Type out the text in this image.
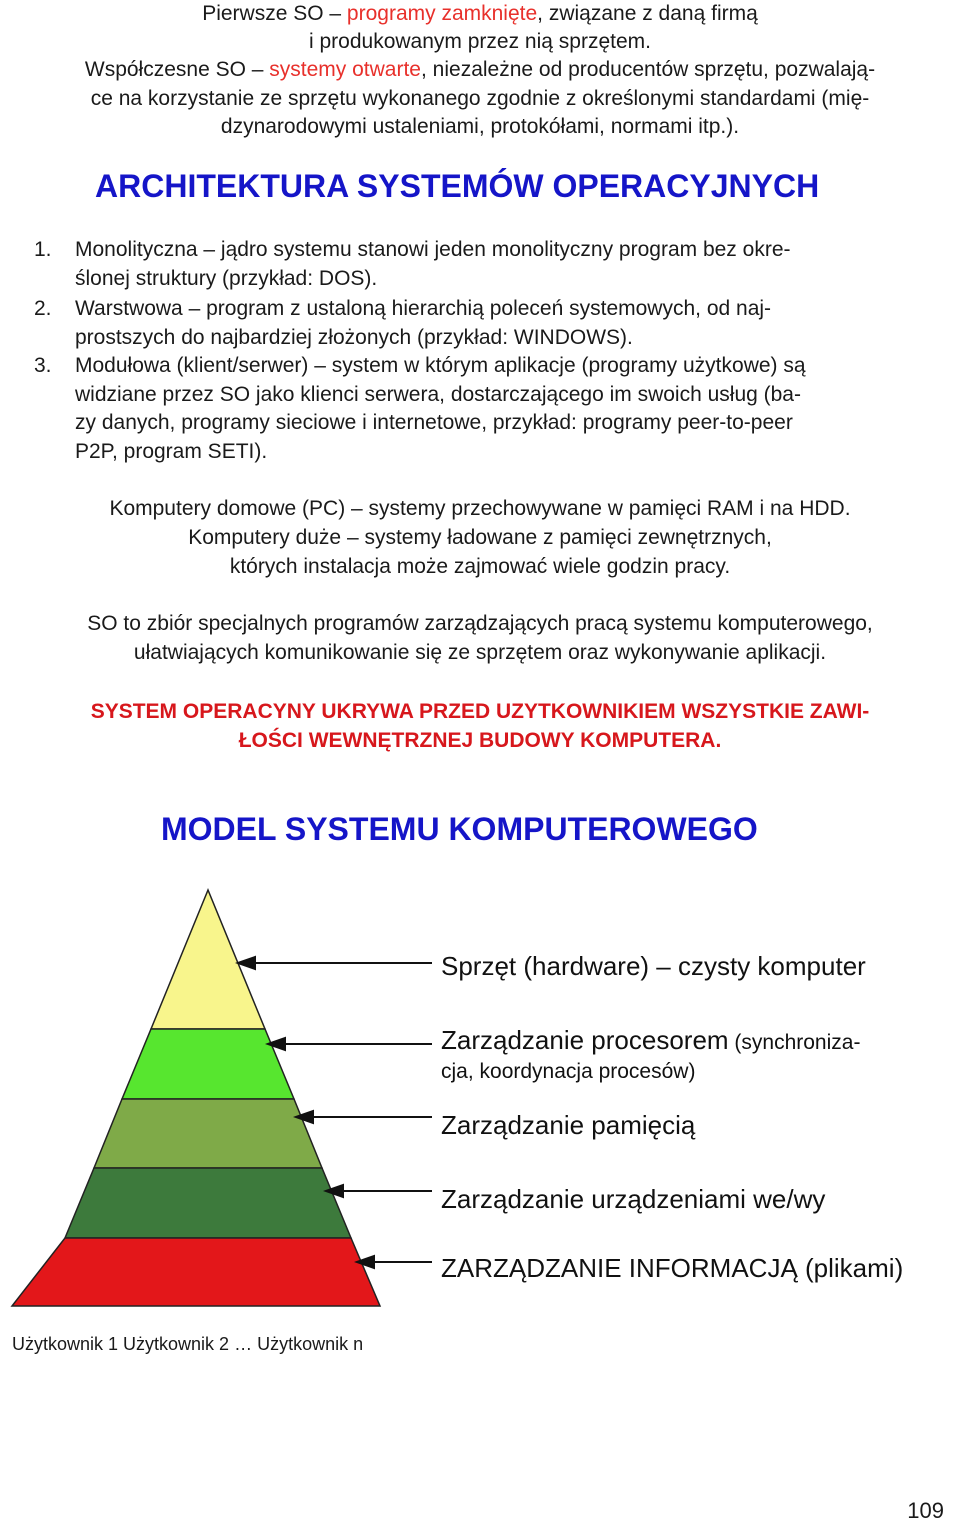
Pierwsze SO – programy zamknięte, związane z daną firmą
i produkowanym przez nią sprzętem.
Współczesne SO – systemy otwarte, niezależne od producentów sprzętu, pozwalają-
ce na korzystanie ze sprzętu wykonanego zgodnie z określonymi standardami (mię-
dzynarodowymi ustaleniami, protokółami, normami itp.).
ARCHITEKTURA SYSTEMÓW OPERACYJNYCH
1. Monolityczna – jądro systemu stanowi jeden monolityczny program bez okre-
ślonej struktury (przykład: DOS).
2. Warstwowa – program z ustaloną hierarchią poleceń systemowych, od naj-
prostszych do najbardziej złożonych (przykład: WINDOWS).
3. Modułowa (klient/serwer) – system w którym aplikacje (programy użytkowe) są
widziane przez SO jako klienci serwera, dostarczającego im swoich usług (ba-
zy danych, programy sieciowe i internetowe, przykład: programy peer-to-peer
P2P, program SETI).
Komputery domowe (PC) – systemy przechowywane w pamięci RAM i na HDD.
Komputery duże – systemy ładowane z pamięci zewnętrznych,
których instalacja może zajmować wiele godzin pracy.
SO to zbiór specjalnych programów zarządzających pracą systemu komputerowego,
ułatwiających komunikowanie się ze sprzętem oraz wykonywanie aplikacji.
SYSTEM OPERACYNY UKRYWA PRZED UZYTKOWNIKIEM WSZYSTKIE ZAWI-
ŁOŚCI WEWNĘTRZNEJ BUDOWY KOMPUTERA.
MODEL SYSTEMU KOMPUTEROWEGO
Sprzęt (hardware) – czysty komputer
Zarządzanie procesorem (synchroniza-
cja, koordynacja procesów)
Zarządzanie pamięcią
Zarządzanie urządzeniami we/wy
ZARZĄDZANIE INFORMACJĄ (plikami)
Użytkownik 1 Użytkownik 2 … Użytkownik n
109
